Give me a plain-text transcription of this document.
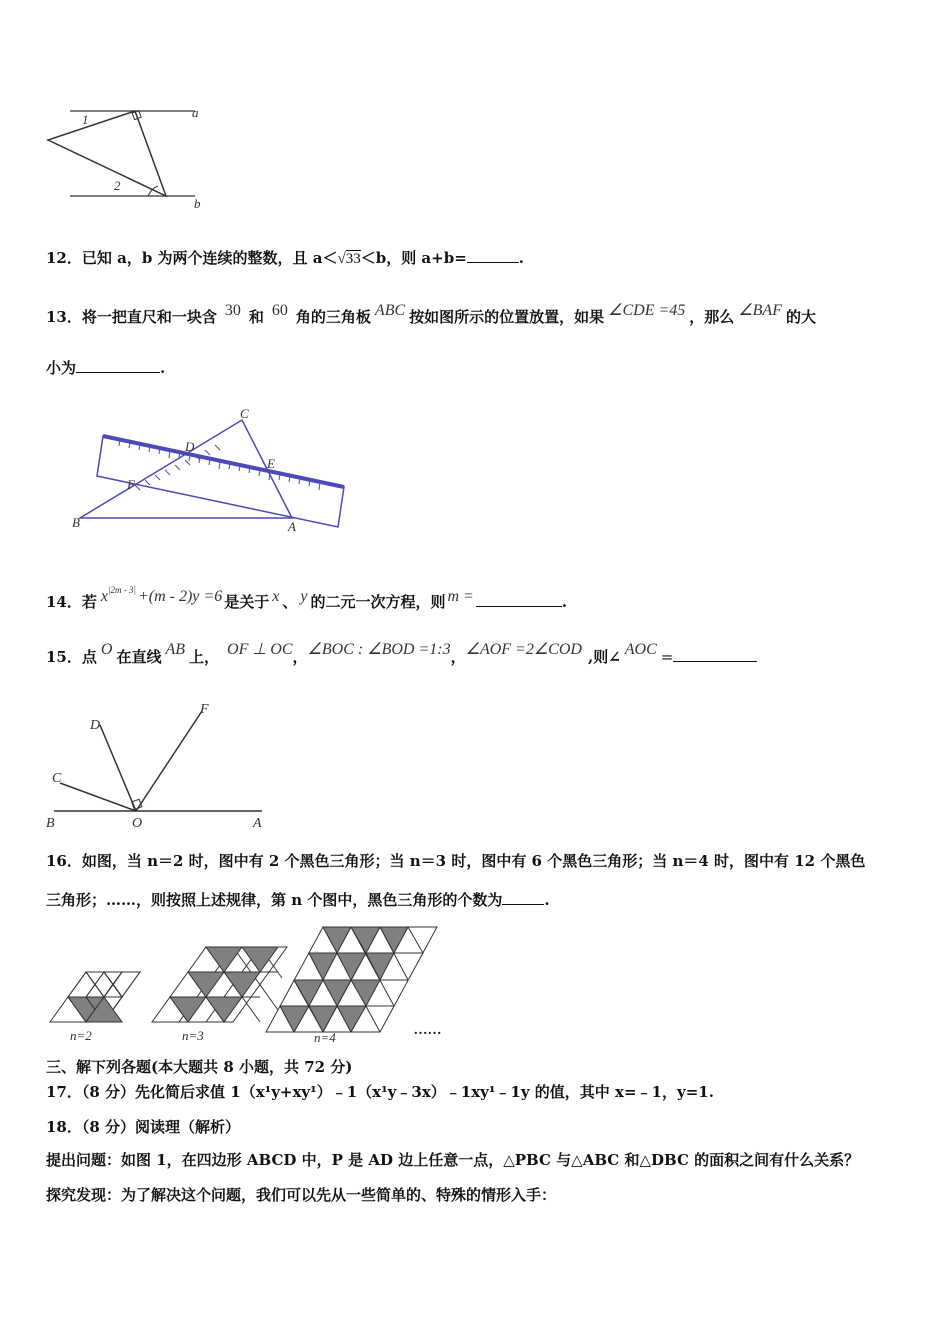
a
b
1
2
12．已知 a，b 为两个连续的整数，且 a＜√33＜b，则 a+b=	.
13．将一把直尺和一块含 30 和 60 角的三角板 ABC 按如图所示的位置放置，如果 ∠CDE =45 ，那么 ∠BAF 的大
小为	.
B	A
C
D
E
F
14．若 $x^{|2m - 3|} +(m - 2)y =6$ 是关于 x 、 y 的二元一次方程，则 m =	.
15．点 O 在直线 AB 上， OF ⊥ OC，∠BOC : ∠BOD =1:3，∠AOF =2∠COD ,则∠ AOC =
B	O	A
C
D
F
16．如图，当 n＝2 时，图中有 2 个黑色三角形；当 n＝3 时，图中有 6 个黑色三角形；当 n＝4 时，图中有 12 个黑色
三角形；……，则按照上述规律，第 n 个图中，黑色三角形的个数为	.
n=2	n=3	n=4	……
三、解下列各题(本大题共 8 小题，共 72 分)
17．（8 分）先化简后求值 1（x¹y+xy¹）﹣1（x¹y﹣3x）﹣1xy¹﹣1y 的值，其中 x=﹣1，y=1.
18．（8 分）阅读理（解析）
提出问题：如图 1，在四边形 ABCD 中，P 是 AD 边上任意一点，△PBC 与△ABC 和△DBC 的面积之间有什么关系？
探究发现：为了解决这个问题，我们可以先从一些简单的、特殊的情形入手：
